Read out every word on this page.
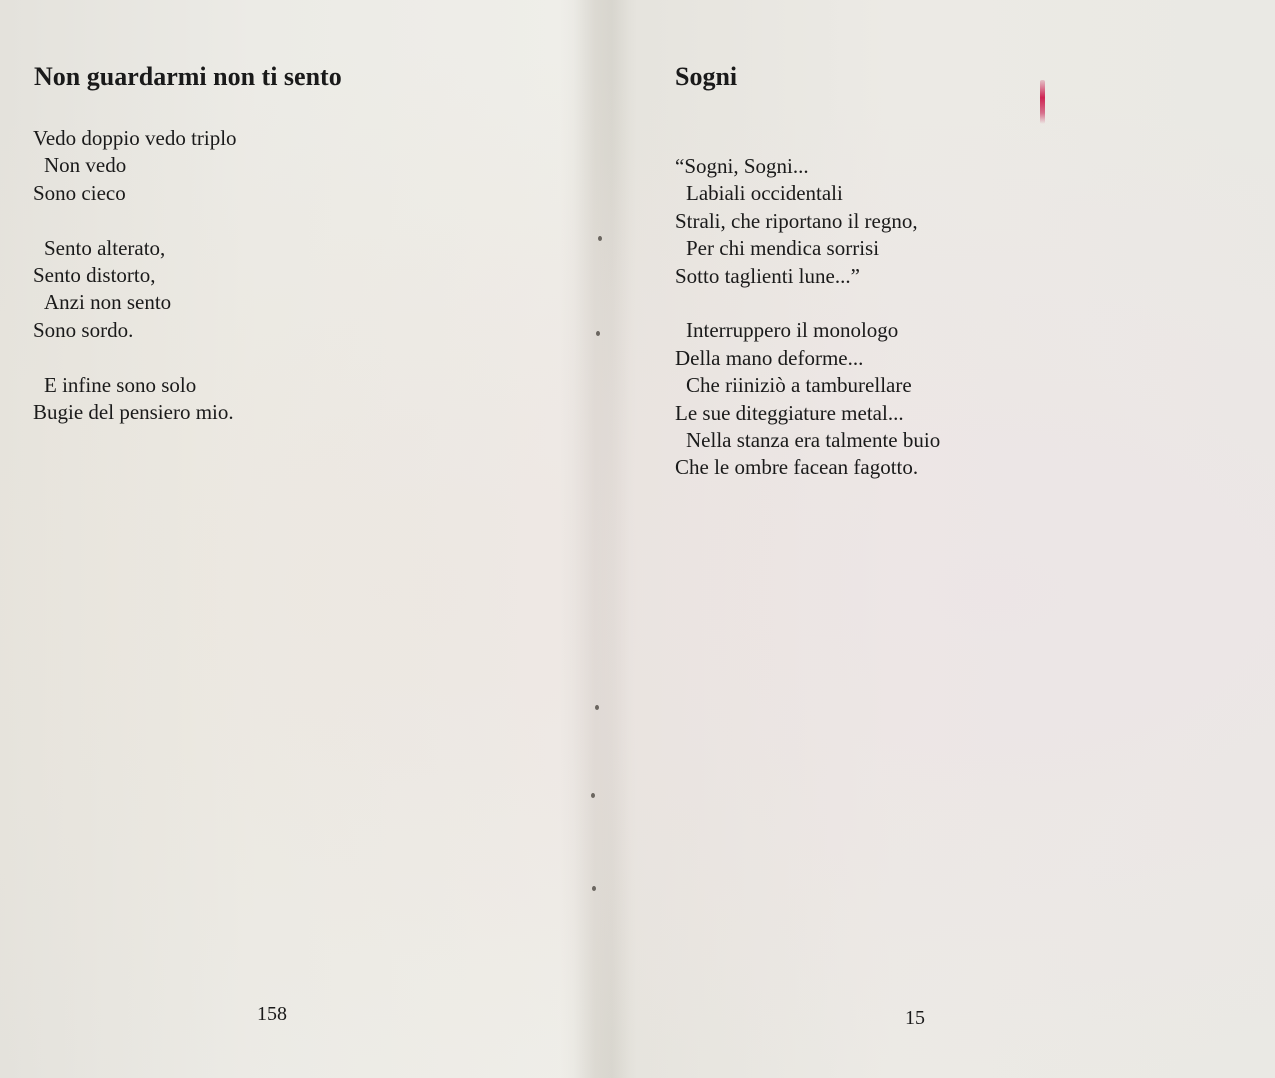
Non guardarmi non ti sento
Vedo doppio vedo triplo
Non vedo
Sono cieco
Sento alterato,
Sento distorto,
Anzi non sento
Sono sordo.
E infine sono solo
Bugie del pensiero mio.
158
Sogni
“Sogni, Sogni...
Labiali occidentali
Strali, che riportano il regno,
Per chi mendica sorrisi
Sotto taglienti lune...”
Interruppero il monologo
Della mano deforme...
Che riiniziò a tamburellare
Le sue diteggiature metal...
Nella stanza era talmente buio
Che le ombre facean fagotto.
15
